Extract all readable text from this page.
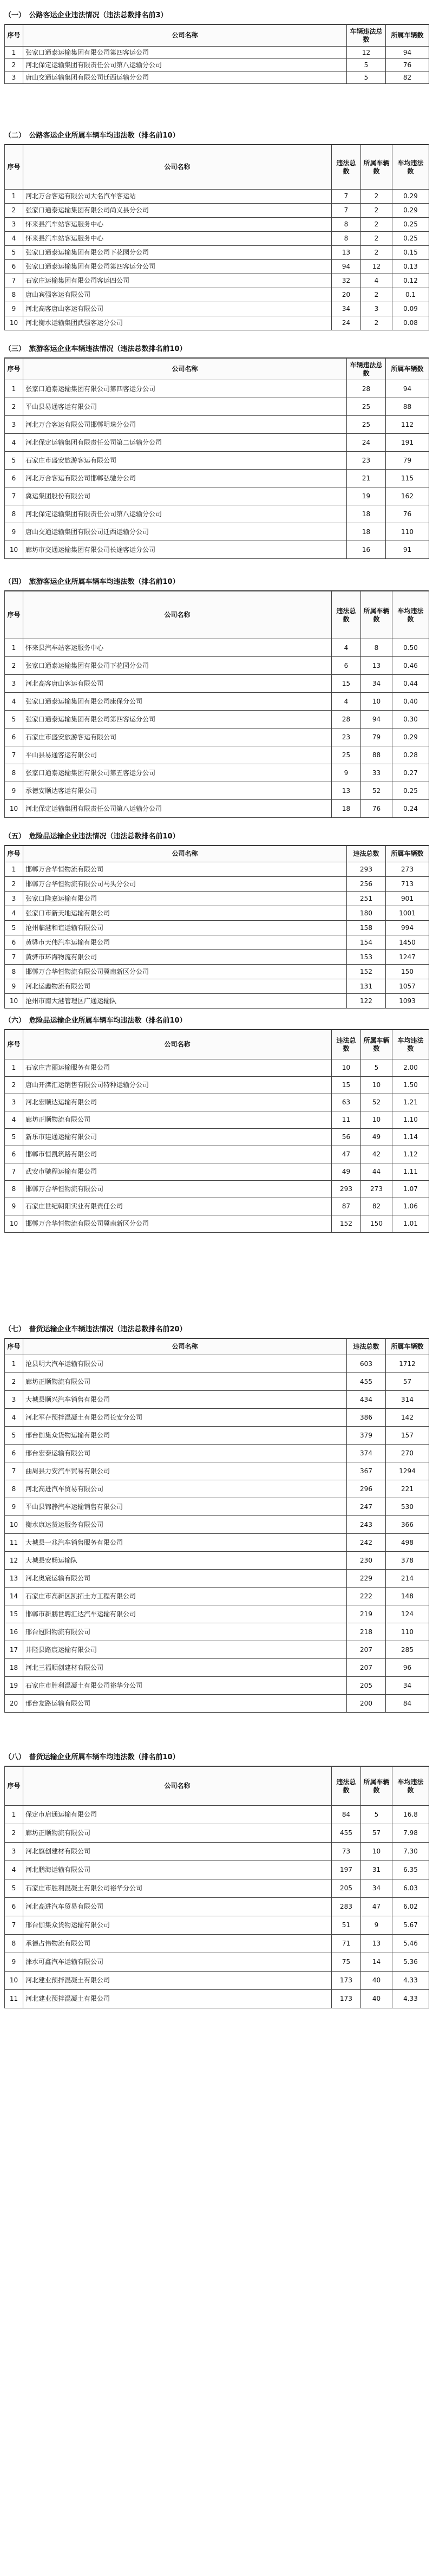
（一）　公路客运企业违法情况（违法总数排名前3）
序号	公司名称	车辆违法总数	所属车辆数
1	张家口通泰运输集团有限公司第四客运公司	12	94
2	河北保定运输集团有限责任公司第八运输分公司	5	76
3	唐山交通运输集团有限公司迁西运输分公司	5	82
（二）　公路客运企业所属车辆车均违法数（排名前10）
序号	公司名称	违法总数	所属车辆数	车均违法数
1	河北万合客运有限公司大名汽车客运站	7	2	0.29
2	张家口通泰运输集团有限公司尚义县分公司	7	2	0.29
3	怀来县汽车站客运服务中心	8	2	0.25
4	怀来县汽车站客运服务中心	8	2	0.25
5	张家口通泰运输集团有限公司下花园分公司	13	2	0.15
6	张家口通泰运输集团有限公司第四客运分公司	94	12	0.13
7	石家庄运输集团有限公司客运四公司	32	4	0.12
8	唐山宾强客运有限公司	20	2	0.1
9	河北高客唐山客运有限公司	34	3	0.09
10	河北衡水运输集团武强客运分公司	24	2	0.08
（三）　旅游客运企业车辆违法情况（违法总数排名前10）
序号	公司名称	车辆违法总数	所属车辆数
1	张家口通泰运输集团有限公司第四客运分公司	28	94
2	平山县易通客运有限公司	25	88
3	河北万合客运有限公司邯郸明珠分公司	25	112
4	河北保定运输集团有限责任公司第二运输分公司	24	191
5	石家庄市盛安旅游客运有限公司	23	79
6	河北万合客运有限公司邯郸弘驰分公司	21	115
7	冀运集团股份有限公司	19	162
8	河北保定运输集团有限责任公司第八运输分公司	18	76
9	唐山交通运输集团有限公司迁西运输分公司	18	110
10	廊坊市交通运输集团有限公司长途客运分公司	16	91
（四）　旅游客运企业所属车辆车均违法数（排名前10）
序号	公司名称	违法总数	所属车辆数	车均违法数
1	怀来县汽车站客运服务中心	4	8	0.50
2	张家口通泰运输集团有限公司下花园分公司	6	13	0.46
3	河北高客唐山客运有限公司	15	34	0.44
4	张家口通泰运输集团有限公司康保分公司	4	10	0.40
5	张家口通泰运输集团有限公司第四客运分公司	28	94	0.30
6	石家庄市盛安旅游客运有限公司	23	79	0.29
7	平山县易通客运有限公司	25	88	0.28
8	张家口通泰运输集团有限公司第五客运分公司	9	33	0.27
9	承德安顺达客运有限公司	13	52	0.25
10	河北保定运输集团有限责任公司第八运输分公司	18	76	0.24
（五）　危险品运输企业违法情况（违法总数排名前10）
序号	公司名称	违法总数	所属车辆数
1	邯郸万合华恒物流有限公司	293	273
2	邯郸万合华恒物流有限公司马头分公司	256	713
3	张家口隆嘉运输有限公司	251	901
4	张家口市新天地运输有限公司	180	1001
5	沧州临港和谊运输有限公司	158	994
6	黄骅市天伟汽车运输有限公司	154	1450
7	黄骅市环海物流有限公司	153	1247
8	邯郸万合华恒物流有限公司冀南新区分公司	152	150
9	河北运鑫物流有限公司	131	1057
10	沧州市南大港管理区广通运输队	122	1093
（六）　危险品运输企业所属车辆车均违法数（排名前10）
序号	公司名称	违法总数	所属车辆数	车均违法数
1	石家庄吉丽运输服务有限公司	10	5	2.00
2	唐山开滦汇运销售有限公司特种运输分公司	15	10	1.50
3	河北宏顺达运输有限公司	63	52	1.21
4	廊坊正顺物流有限公司	11	10	1.10
5	新乐市建通运输有限公司	56	49	1.14
6	邯郸市恒凯筑路有限公司	47	42	1.12
7	武安市驰程运输有限公司	49	44	1.11
8	邯郸万合华恒物流有限公司	293	273	1.07
9	石家庄世纪朝阳实业有限责任公司	87	82	1.06
10	邯郸万合华恒物流有限公司冀南新区分公司	152	150	1.01
（七）　普货运输企业车辆违法情况（违法总数排名前20）
序号	公司名称	违法总数	所属车辆数
1	沧县明大汽车运输有限公司	603	1712
2	廊坊正顺物流有限公司	455	57
3	大城县顺兴汽车销售有限公司	434	314
4	河北军存预拌混凝土有限公司长安分公司	386	142
5	邢台伽集众货物运输有限公司	379	157
6	邢台宏泰运输有限公司	374	270
7	曲周县力安汽车贸易有限公司	367	1294
8	河北高进汽车贸易有限公司	296	221
9	平山县锦静汽车运输销售有限公司	247	530
10	衡水康达货运服务有限公司	243	366
11	大城县一兆汽车销售服务有限公司	242	498
12	大城县安畅运输队	230	378
13	河北奥宸运输有限公司	229	214
14	石家庄市高新区凯拓土方工程有限公司	222	148
15	邯郸市新鹏世聘汇达汽车运输有限公司	219	124
16	邢台冠阳物流有限公司	218	110
17	井陉县路宸运输有限公司	207	285
18	河北三福顺创建材有限公司	207	96
19	石家庄市胜利混凝土有限公司裕华分公司	205	34
20	邢台友路运输有限公司	200	84
（八）　普货运输企业所属车辆车均违法数（排名前10）
序号	公司名称	违法总数	所属车辆数	车均违法数
1	保定市启通运输有限公司	84	5	16.8
2	廊坊正顺物流有限公司	455	57	7.98
3	河北旗创建材有限公司	73	10	7.30
4	河北鹏海运输有限公司	197	31	6.35
5	石家庄市胜利混凝土有限公司裕华分公司	205	34	6.03
6	河北高进汽车贸易有限公司	283	47	6.02
7	邢台伽集众货物运输有限公司	51	9	5.67
8	承德占伟物流有限公司	71	13	5.46
9	涞水可鑫汽车运输有限公司	75	14	5.36
10	河北建业预拌混凝土有限公司	173	40	4.33
11	河北建业预拌混凝土有限公司	173	40	4.33
